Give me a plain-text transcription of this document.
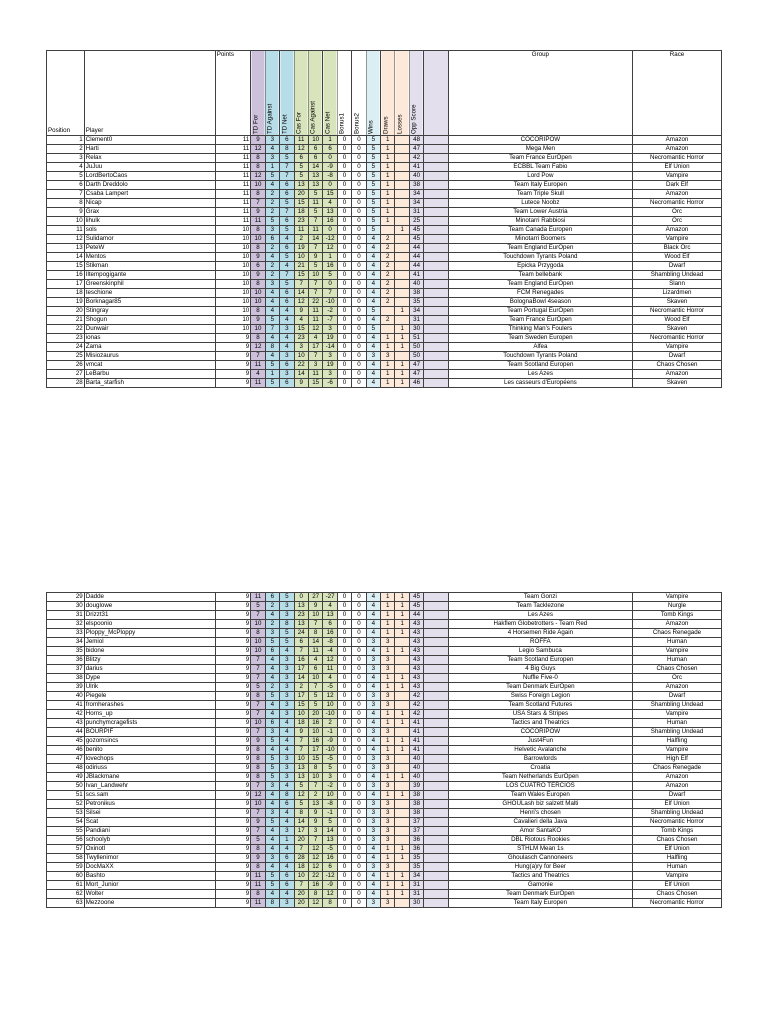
Position	Player	Points	TD For	TD Against	TD Net	Cas For	Cas Against	Cas Net	Bonus1	Bonus2	Wins	Draws	Losses	Opp Score		Group	Race
1	Clement0	11	9	3	6	11	10	1	0	0	5	1		48		COCORIPOW	Amazon
2	Harti	11	12	4	8	12	6	6	0	0	5	1		47		Mega Men	Amazon
3	Relax	11	8	3	5	6	6	0	0	0	5	1		42		Team France EurOpen	Necromantic Horror
4	JuJuu	11	8	1	7	5	14	-9	0	0	5	1		41		ECBBL Team Fabio	Elf Union
5	LordBertoCaos	11	12	5	7	5	13	-8	0	0	5	1		40		Lord Pow	Vampire
6	Darth Dreddolo	11	10	4	6	13	13	0	0	0	5	1		38		Team Italy Europen	Dark Elf
7	Csaba Lampert	11	8	2	6	20	5	15	0	0	5	1		34		Team Triple Skull	Amazon
8	Nicap	11	7	2	5	15	11	4	0	0	5	1		34		Lutece Noobz	Necromantic Horror
9	Grax	11	9	2	7	18	5	13	0	0	5	1		31		Team Lower Austria	Orc
10	lihulk	11	11	5	6	23	7	16	0	0	5	1		25		Minotarri Rabbiosi	Orc
11	sols	10	8	3	5	11	11	0	0	0	5		1	45		Team Canada Europen	Amazon
12	Sulidamor	10	10	6	4	2	14	-12	0	0	4	2		45		Minotarri Boomers	Vampire
13	PeteW	10	8	2	6	19	7	12	0	0	4	2		44		Team England EurOpen	Black Orc
14	Mentos	10	9	4	5	10	9	1	0	0	4	2		44		Touchdown Tyrants Poland	Wood Elf
15	Stikman	10	6	2	4	21	5	16	0	0	4	2		44		Epicka Przygoda	Dwarf
16	Iltempogigante	10	9	2	7	15	10	5	0	0	4	2		41		Team bellebank	Shambling Undead
17	Greenskinphil	10	8	3	5	7	7	0	0	0	4	2		40		Team England EurOpen	Slann
18	teschione	10	10	4	6	14	7	7	0	0	4	2		38		FCM Renegades	Lizardmen
19	Borknagar85	10	10	4	6	12	22	-10	0	0	4	2		35		BolognaBowl 4season	Skaven
20	Stingray	10	8	4	4	9	11	-2	0	0	5		1	34		Team Portugal EurOpen	Necromantic Horror
21	Shogun	10	9	5	4	4	11	-7	0	0	4	2		31		Team France EurOpen	Wood Elf
22	Dunwair	10	10	7	3	15	12	3	0	0	5		1	30		Thinking Man's Foulers	Skaven
23	ionas	9	8	4	4	23	4	19	0	0	4	1	1	51		Team Sweden Europen	Necromantic Horror
24	Zama	9	12	8	4	3	17	-14	0	0	4	1	1	50		Alfea	Vampire
25	Misiozaurus	9	7	4	3	10	7	3	0	0	3	3		50		Touchdown Tyrants Poland	Dwarf
26	vmcat	9	11	5	6	22	3	19	0	0	4	1	1	47		Team Scotland Europen	Chaos Chosen
27	LeBarbu	9	4	1	3	14	11	3	0	0	4	1	1	47		Les Azes	Amazon
28	Barta_starfish	9	11	5	6	9	15	-6	0	0	4	1	1	46		Les casseurs d'Européens	Skaven
29	Dadde	9	11	6	5	0	27	-27	0	0	4	1	1	45		Team Gonzi	Vampire
30	douglowe	9	5	2	3	13	9	4	0	0	4	1	1	45		Team Tacklezone	Nurgle
31	Drizzt31	9	7	4	3	23	10	13	0	0	4	1	1	44		Les Azes	Tomb Kings
32	elspoonio	9	10	2	8	13	7	6	0	0	4	1	1	43		Hakflem Globetrotters - Team Red	Amazon
33	Ploppy_McPloppy	9	8	3	5	24	8	16	0	0	4	1	1	43		4 Horsemen Ride Again	Chaos Renegade
34	Jemiol	9	10	5	5	6	14	-8	0	0	3	3		43		ROFFA	Human
35	bidone	9	10	6	4	7	11	-4	0	0	4	1	1	43		Legio Sambuca	Vampire
36	Blitzy	9	7	4	3	16	4	12	0	0	3	3		43		Team Scotland Europen	Human
37	darius	9	7	4	3	17	6	11	0	0	3	3		43		4 Big Guys	Chaos Chosen
38	Dype	9	7	4	3	14	10	4	0	0	4	1	1	43		Nuffle Five-0	Orc
39	Ulrik	9	5	2	3	2	7	-5	0	0	4	1	1	43		Team Denmark EurOpen	Amazon
40	Piegele	9	8	5	3	17	5	12	0	0	3	3		42		Swiss Foreign Legion	Dwarf
41	fromherashes	9	7	4	3	15	5	10	0	0	3	3		42		Team Scotland Futures	Shambling Undead
42	Horns_up	9	7	4	3	10	20	-10	0	0	4	1	1	42		USA Stars & Stripes	Vampire
43	punchymcragefists	9	10	6	4	18	16	2	0	0	4	1	1	41		Tactics and Theatrics	Human
44	BOURPIF	9	7	3	4	9	10	-1	0	0	3	3		41		COCORIPOW	Shambling Undead
45	gozomsincs	9	9	5	4	7	16	-9	0	0	4	1	1	41		Just4Fun	Halfling
46	benito	9	8	4	4	7	17	-10	0	0	4	1	1	41		Helvetic Avalanche	Vampire
47	lovechops	9	8	5	3	10	15	-5	0	0	3	3		40		Barrowlords	High Elf
48	odiriuss	9	8	5	3	13	8	5	0	0	3	3		40		Croatia	Chaos Renegade
49	JBlackmane	9	8	5	3	13	10	3	0	0	4	1	1	40		Team Netherlands EurOpen	Amazon
50	Ivan_Landwehr	9	7	3	4	5	7	-2	0	0	3	3		39		LOS CUATRO TERCIOS	Amazon
51	scs.sam	9	12	4	8	12	2	10	0	0	4	1	1	38		Team Wales Europen	Dwarf
52	Petronikus	9	10	4	6	5	13	-8	0	0	3	3		38		GHOULash biz salzett Malti	Elf Union
53	Silsei	9	7	3	4	8	9	-1	0	0	3	3		38		Henri's chosen	Shambling Undead
54	Scat	9	9	5	4	14	9	5	0	0	3	3		37		Cavalieri della Java	Necromantic Horror
55	Pandiani	9	7	4	3	17	3	14	0	0	3	3		37		Amor SantaKO	Tomb Kings
56	schoolyb	9	5	4	1	20	7	13	0	0	3	3		36		DBL Riotous Rookies	Chaos Chosen
57	Oxinotl	9	8	4	4	7	12	-5	0	0	4	1	1	36		STHLM Mean 1s	Elf Union
58	Twyllenimor	9	9	3	6	28	12	16	0	0	4	1	1	35		Ghoulasch Cannoneers	Halfling
59	DocMaXX	9	8	4	4	18	12	6	0	0	3	3		35		Hung(a)ry for Beer	Human
60	Bashto	9	11	5	6	10	22	-12	0	0	4	1	1	34		Tactics and Theatrics	Vampire
61	Mort_Junior	9	11	5	6	7	16	-9	0	0	4	1	1	31		Gamonie	Elf Union
62	Wolter	9	8	4	4	20	8	12	0	0	4	1	1	31		Team Denmark EurOpen	Chaos Chosen
63	Mezzoone	9	11	8	3	20	12	8	0	0	3	3		30		Team Italy Europen	Necromantic Horror
